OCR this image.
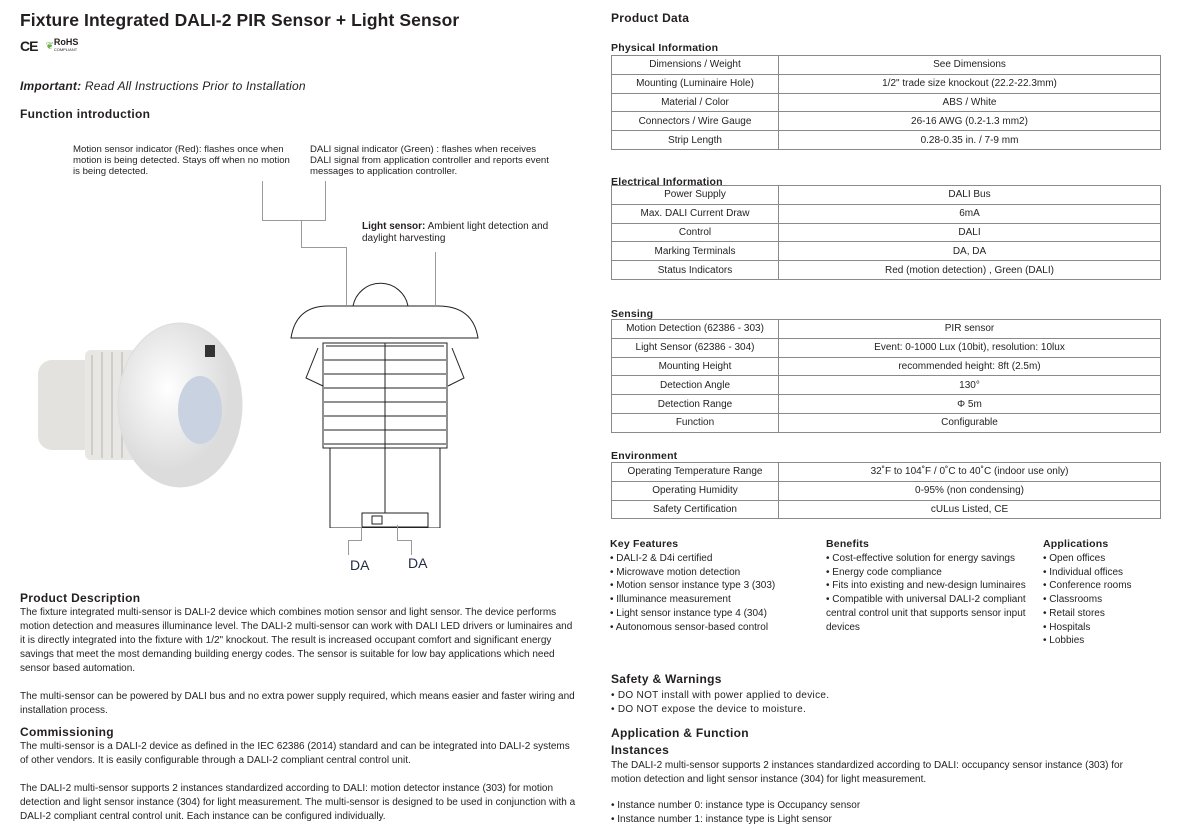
Fixture Integrated DALI-2 PIR Sensor + Light Sensor
CE ❦ RoHS
COMPLIANT
Important: Read All Instructions Prior to Installation
Function introduction
Motion sensor indicator (Red): flashes once when motion is being detected. Stays off when no motion is being detected.
DALI signal indicator (Green) : flashes when receives DALI signal from application controller and reports event messages to application controller.
Light sensor: Ambient light detection and daylight harvesting
DA	DA
Product Description

The fixture integrated multi-sensor is DALI-2 device which combines motion sensor and light sensor. The device performs motion detection and measures illuminance level. The DALI-2 multi-sensor can work with DALI LED drivers or luminaires and it is directly integrated into the fixture with 1/2" knockout. The result is increased occupant comfort and significant energy savings that meet the most demanding building energy codes. The sensor is suitable for low bay applications which need sensor based automation.

The multi-sensor can be powered by DALI bus and no extra power supply required, which means easier and faster wiring and installation process.

Commissioning

The multi-sensor is a DALI-2 device as defined in the IEC 62386 (2014) standard and can be integrated into DALI-2 systems of other vendors. It is easily configurable through a DALI-2 compliant central control unit.

The DALI-2 multi-sensor supports 2 instances standardized according to DALI: motion detector instance (303) for motion detection and light sensor instance (304) for light measurement. The multi-sensor is designed to be used in conjunction with a DALI-2 compliant central control unit. Each instance can be configured individually.

Product Data
Physical Information
Dimensions / Weight	See Dimensions
Mounting (Luminaire Hole)	1/2" trade size knockout (22.2-22.3mm)
Material / Color	ABS / White
Connectors / Wire Gauge	26-16 AWG (0.2-1.3 mm2)
Strip Length	0.28-0.35 in. / 7-9 mm
Electrical Information
Power Supply	DALI Bus
Max. DALI Current Draw	6mA
Control	DALI
Marking Terminals	DA, DA
Status Indicators	Red (motion detection) , Green (DALI)
Sensing
Motion Detection (62386 - 303)	PIR sensor
Light Sensor (62386 - 304)	Event: 0-1000 Lux (10bit), resolution: 10lux
Mounting Height	recommended height: 8ft (2.5m)
Detection Angle	130°
Detection Range	Φ 5m
Function	Configurable
Environment
Operating Temperature Range	32˚F to 104˚F / 0˚C to 40˚C (indoor use only)
Operating Humidity	0-95% (non condensing)
Safety Certification	cULus Listed, CE
Key Features
• DALI-2 & D4i certified
• Microwave motion detection
• Motion sensor instance type 3 (303)
• Illuminance measurement
• Light sensor instance type 4 (304)
• Autonomous sensor-based control
Benefits
• Cost-effective solution for energy savings
• Energy code compliance
• Fits into existing and new-design luminaires
• Compatible with universal DALI-2 compliant central control unit that supports sensor input devices
Applications
• Open offices
• Individual offices
• Conference rooms
• Classrooms
• Retail stores
• Hospitals
• Lobbies
Safety & Warnings
• DO NOT install with power applied to device.
• DO NOT expose the device to moisture.
Application & Function
Instances
The DALI-2 multi-sensor supports 2 instances standardized according to DALI: occupancy sensor instance (303) for motion detection and light sensor instance (304) for light measurement.
• Instance number 0: instance type is Occupancy sensor
• Instance number 1: instance type is Light sensor
